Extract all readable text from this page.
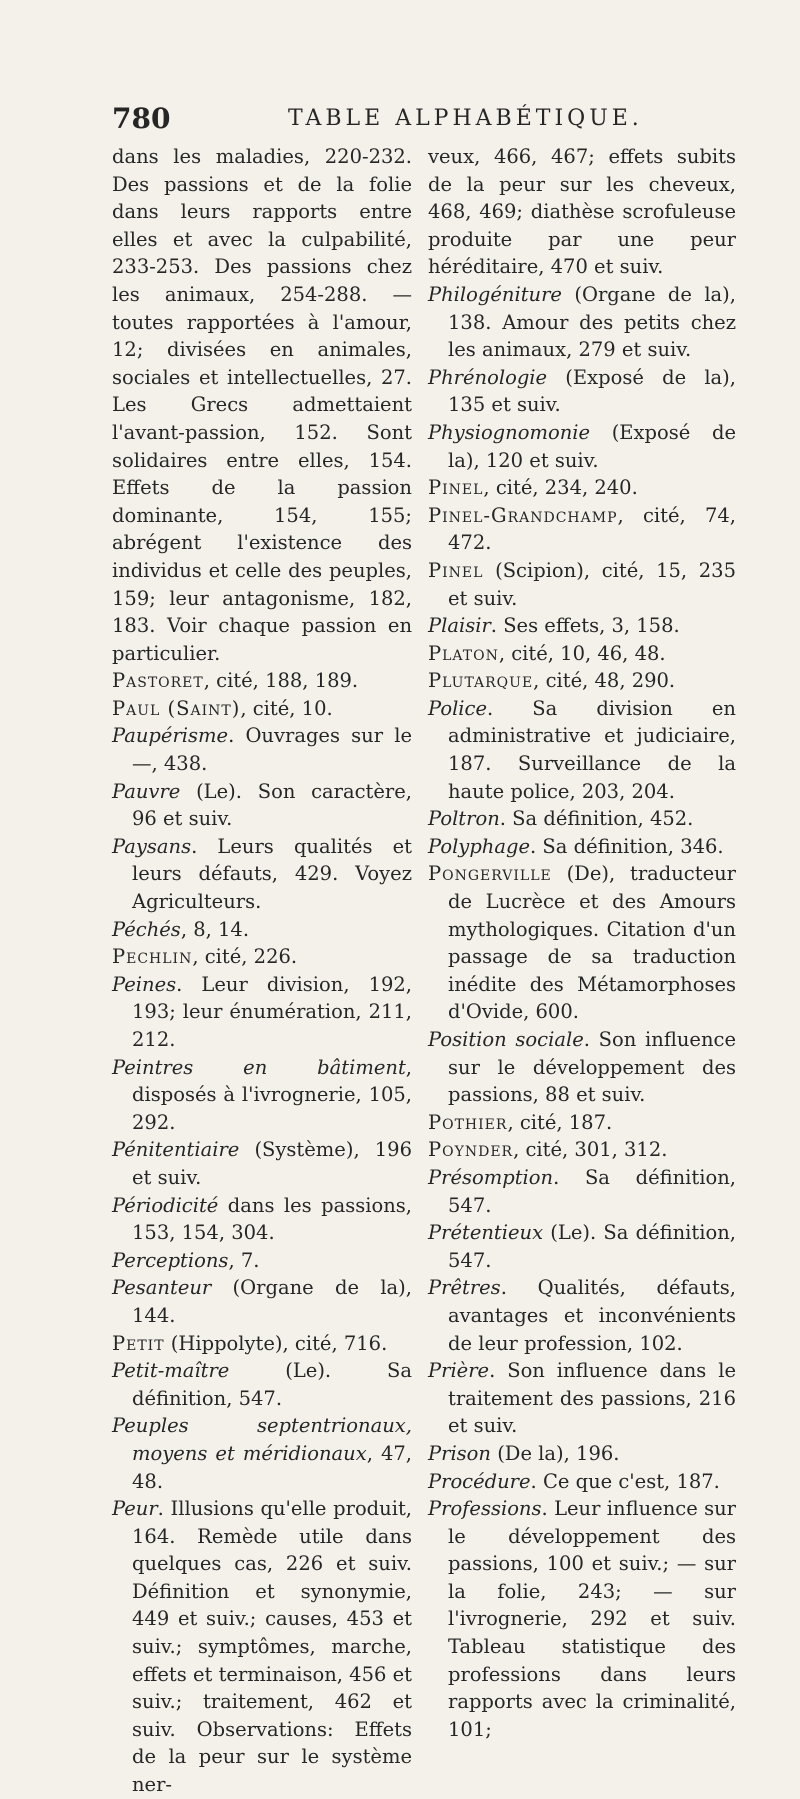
780	TABLE ALPHABÉTIQUE.

dans les maladies, 220-232. Des passions et de la folie dans leurs rapports entre elles et avec la culpabilité, 233-253. Des passions chez les animaux, 254-288. — toutes rapportées à l'amour, 12; divisées en animales, sociales et intellectuelles, 27. Les Grecs admettaient l'avant-passion, 152. Sont solidaires entre elles, 154. Effets de la passion dominante, 154, 155; abrégent l'existence des individus et celle des peuples, 159; leur antagonisme, 182, 183. Voir chaque passion en particulier.

Pastoret, cité, 188, 189.

Paul (Saint), cité, 10.

Paupérisme. Ouvrages sur le —, 438.

Pauvre (Le). Son caractère, 96 et suiv.

Paysans. Leurs qualités et leurs défauts, 429. Voyez Agriculteurs.

Péchés, 8, 14.

Pechlin, cité, 226.

Peines. Leur division, 192, 193; leur énumération, 211, 212.

Peintres en bâtiment, disposés à l'ivrognerie, 105, 292.

Pénitentiaire (Système), 196 et suiv.

Périodicité dans les passions, 153, 154, 304.

Perceptions, 7.

Pesanteur (Organe de la), 144.

Petit (Hippolyte), cité, 716.

Petit-maître (Le). Sa définition, 547.

Peuples septentrionaux, moyens et méridionaux, 47, 48.

Peur. Illusions qu'elle produit, 164. Remède utile dans quelques cas, 226 et suiv. Définition et synonymie, 449 et suiv.; causes, 453 et suiv.; symptômes, marche, effets et terminaison, 456 et suiv.; traitement, 462 et suiv. Observations: Effets de la peur sur le système ner-

veux, 466, 467; effets subits de la peur sur les cheveux, 468, 469; diathèse scrofuleuse produite par une peur héréditaire, 470 et suiv.

Philogéniture (Organe de la), 138. Amour des petits chez les animaux, 279 et suiv.

Phrénologie (Exposé de la), 135 et suiv.

Physiognomonie (Exposé de la), 120 et suiv.

Pinel, cité, 234, 240.

Pinel-Grandchamp, cité, 74, 472.

Pinel (Scipion), cité, 15, 235 et suiv.

Plaisir. Ses effets, 3, 158.

Platon, cité, 10, 46, 48.

Plutarque, cité, 48, 290.

Police. Sa division en administrative et judiciaire, 187. Surveillance de la haute police, 203, 204.

Poltron. Sa définition, 452.

Polyphage. Sa définition, 346.

Pongerville (De), traducteur de Lucrèce et des Amours mythologiques. Citation d'un passage de sa traduction inédite des Métamorphoses d'Ovide, 600.

Position sociale. Son influence sur le développement des passions, 88 et suiv.

Pothier, cité, 187.

Poynder, cité, 301, 312.

Présomption. Sa définition, 547.

Prétentieux (Le). Sa définition, 547.

Prêtres. Qualités, défauts, avantages et inconvénients de leur profession, 102.

Prière. Son influence dans le traitement des passions, 216 et suiv.

Prison (De la), 196.

Procédure. Ce que c'est, 187.

Professions. Leur influence sur le développement des passions, 100 et suiv.; — sur la folie, 243; — sur l'ivrognerie, 292 et suiv. Tableau statistique des professions dans leurs rapports avec la criminalité, 101;
